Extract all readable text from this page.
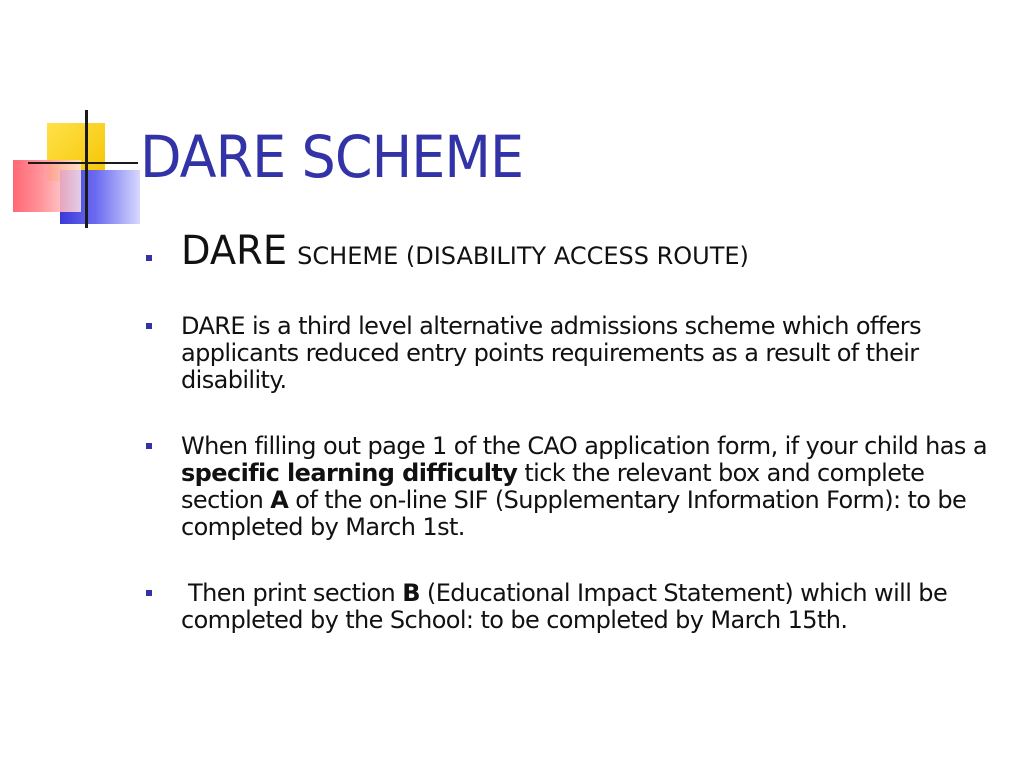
DARE SCHEME
DARE SCHEME (DISABILITY ACCESS ROUTE)
DARE is a third level alternative admissions scheme which offers applicants reduced entry points requirements as a result of their disability.
When filling out page 1 of the CAO application form, if your child has a specific learning difficulty tick the relevant box and complete section A of the on-line SIF (Supplementary Information Form): to be completed by March 1st.
Then print section B (Educational Impact Statement) which will be completed by the School: to be completed by March 15th.
